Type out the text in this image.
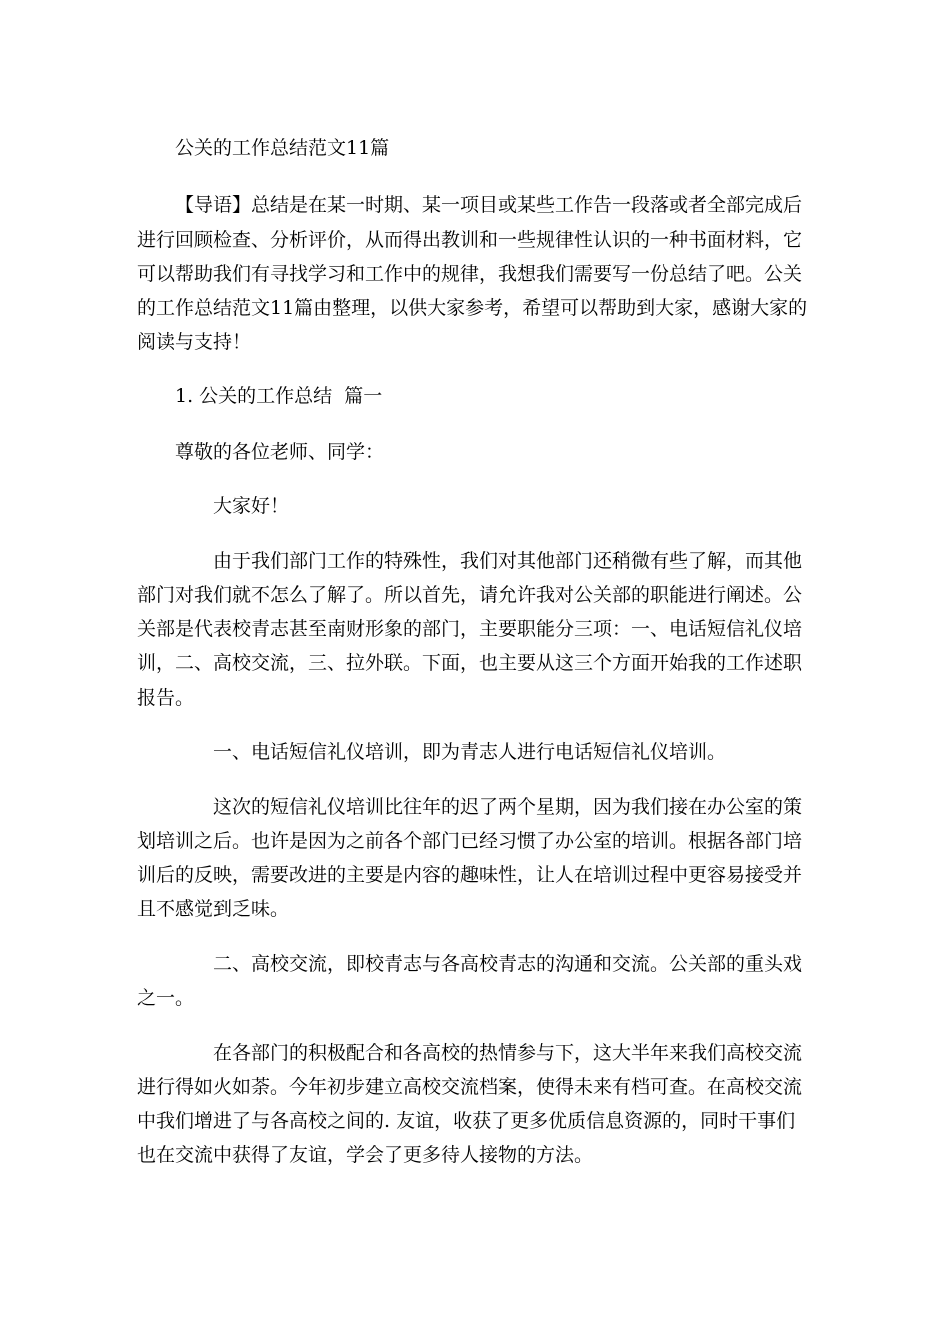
公关的工作总结范文11篇
【导语】总结是在某一时期、某一项目或某些工作告一段落或者全部完成后
进行回顾检查、分析评价，从而得出教训和一些规律性认识的一种书面材料，它
可以帮助我们有寻找学习和工作中的规律，我想我们需要写一份总结了吧。公关
的工作总结范文11篇由整理，以供大家参考，希望可以帮助到大家，感谢大家的
阅读与支持！
1. 公关的工作总结  篇一
尊敬的各位老师、同学：
大家好！
由于我们部门工作的特殊性，我们对其他部门还稍微有些了解，而其他
部门对我们就不怎么了解了。所以首先，请允许我对公关部的职能进行阐述。公
关部是代表校青志甚至南财形象的部门，主要职能分三项：一、电话短信礼仪培
训，二、高校交流，三、拉外联。下面，也主要从这三个方面开始我的工作述职
报告。
一、电话短信礼仪培训，即为青志人进行电话短信礼仪培训。
这次的短信礼仪培训比往年的迟了两个星期，因为我们接在办公室的策
划培训之后。也许是因为之前各个部门已经习惯了办公室的培训。根据各部门培
训后的反映，需要改进的主要是内容的趣味性，让人在培训过程中更容易接受并
且不感觉到乏味。
二、高校交流，即校青志与各高校青志的沟通和交流。公关部的重头戏
之一。
在各部门的积极配合和各高校的热情参与下，这大半年来我们高校交流
进行得如火如荼。今年初步建立高校交流档案，使得未来有档可查。在高校交流
中我们增进了与各高校之间的. 友谊，收获了更多优质信息资源的，同时干事们
也在交流中获得了友谊，学会了更多待人接物的方法。
